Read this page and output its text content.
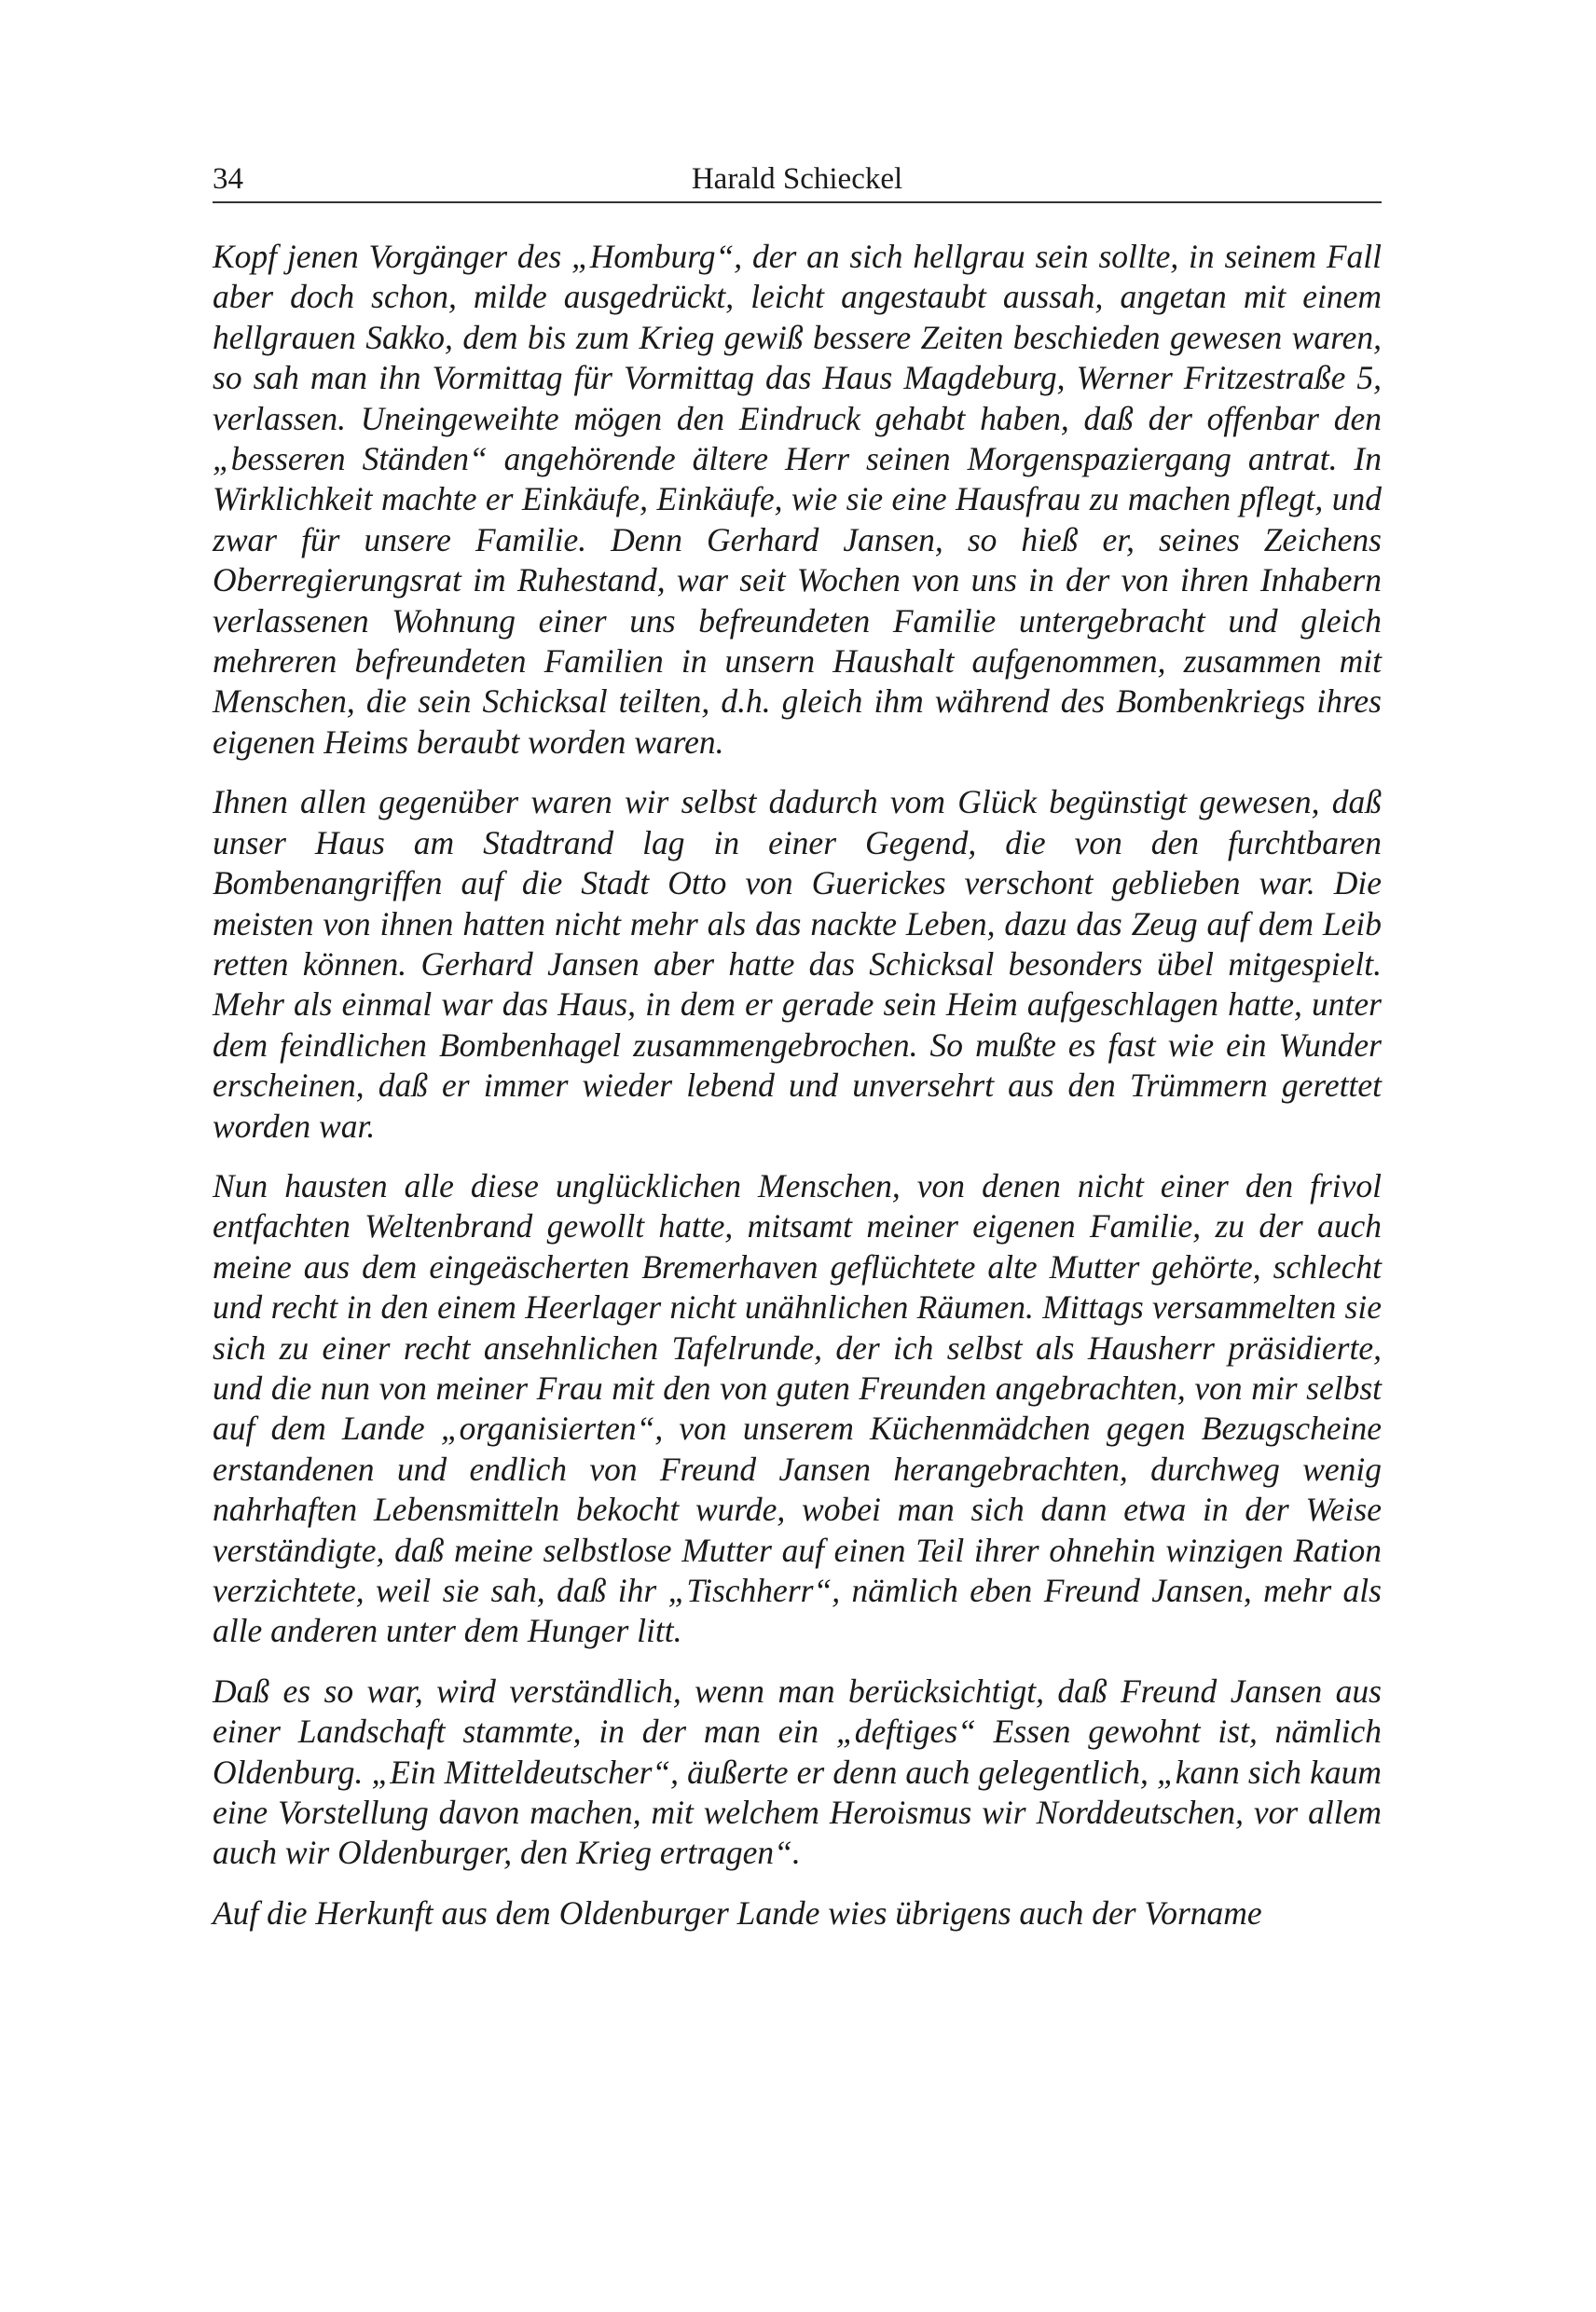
34	Harald Schieckel

Kopf jenen Vorgänger des „Homburg“, der an sich hellgrau sein sollte, in seinem Fall aber doch schon, milde ausgedrückt, leicht angestaubt aussah, angetan mit einem hellgrauen Sakko, dem bis zum Krieg gewiß bessere Zeiten beschieden gewesen waren, so sah man ihn Vormittag für Vormittag das Haus Magdeburg, Werner Fritzestraße 5, verlassen. Uneingeweihte mögen den Eindruck gehabt haben, daß der offenbar den „besseren Ständen“ angehörende ältere Herr seinen Morgenspaziergang antrat. In Wirklichkeit machte er Einkäufe, Einkäufe, wie sie eine Hausfrau zu machen pflegt, und zwar für unsere Familie. Denn Gerhard Jansen, so hieß er, seines Zeichens Oberregierungsrat im Ruhestand, war seit Wochen von uns in der von ihren Inhabern verlassenen Wohnung einer uns befreundeten Familie untergebracht und gleich mehreren befreundeten Familien in unsern Haushalt aufgenommen, zusammen mit Menschen, die sein Schicksal teilten, d.h. gleich ihm während des Bombenkriegs ihres eigenen Heims beraubt worden waren.

Ihnen allen gegenüber waren wir selbst dadurch vom Glück begünstigt gewesen, daß unser Haus am Stadtrand lag in einer Gegend, die von den furchtbaren Bombenangriffen auf die Stadt Otto von Guerickes verschont geblieben war. Die meisten von ihnen hatten nicht mehr als das nackte Leben, dazu das Zeug auf dem Leib retten können. Gerhard Jansen aber hatte das Schicksal besonders übel mitgespielt. Mehr als einmal war das Haus, in dem er gerade sein Heim aufgeschlagen hatte, unter dem feindlichen Bombenhagel zusammengebrochen. So mußte es fast wie ein Wunder erscheinen, daß er immer wieder lebend und unversehrt aus den Trümmern gerettet worden war.

Nun hausten alle diese unglücklichen Menschen, von denen nicht einer den frivol entfachten Weltenbrand gewollt hatte, mitsamt meiner eigenen Familie, zu der auch meine aus dem eingeäscherten Bremerhaven geflüchtete alte Mutter gehörte, schlecht und recht in den einem Heerlager nicht unähnlichen Räumen. Mittags versammelten sie sich zu einer recht ansehnlichen Tafelrunde, der ich selbst als Hausherr präsidierte, und die nun von meiner Frau mit den von guten Freunden angebrachten, von mir selbst auf dem Lande „organisierten“, von unserem Küchenmädchen gegen Bezugscheine erstandenen und endlich von Freund Jansen herangebrachten, durchweg wenig nahrhaften Lebensmitteln bekocht wurde, wobei man sich dann etwa in der Weise verständigte, daß meine selbstlose Mutter auf einen Teil ihrer ohnehin winzigen Ration verzichtete, weil sie sah, daß ihr „Tischherr“, nämlich eben Freund Jansen, mehr als alle anderen unter dem Hunger litt.

Daß es so war, wird verständlich, wenn man berücksichtigt, daß Freund Jansen aus einer Landschaft stammte, in der man ein „deftiges“ Essen gewohnt ist, nämlich Oldenburg. „Ein Mitteldeutscher“, äußerte er denn auch gelegentlich, „kann sich kaum eine Vorstellung davon machen, mit welchem Heroismus wir Norddeutschen, vor allem auch wir Oldenburger, den Krieg ertragen“.

Auf die Herkunft aus dem Oldenburger Lande wies übrigens auch der Vorname
